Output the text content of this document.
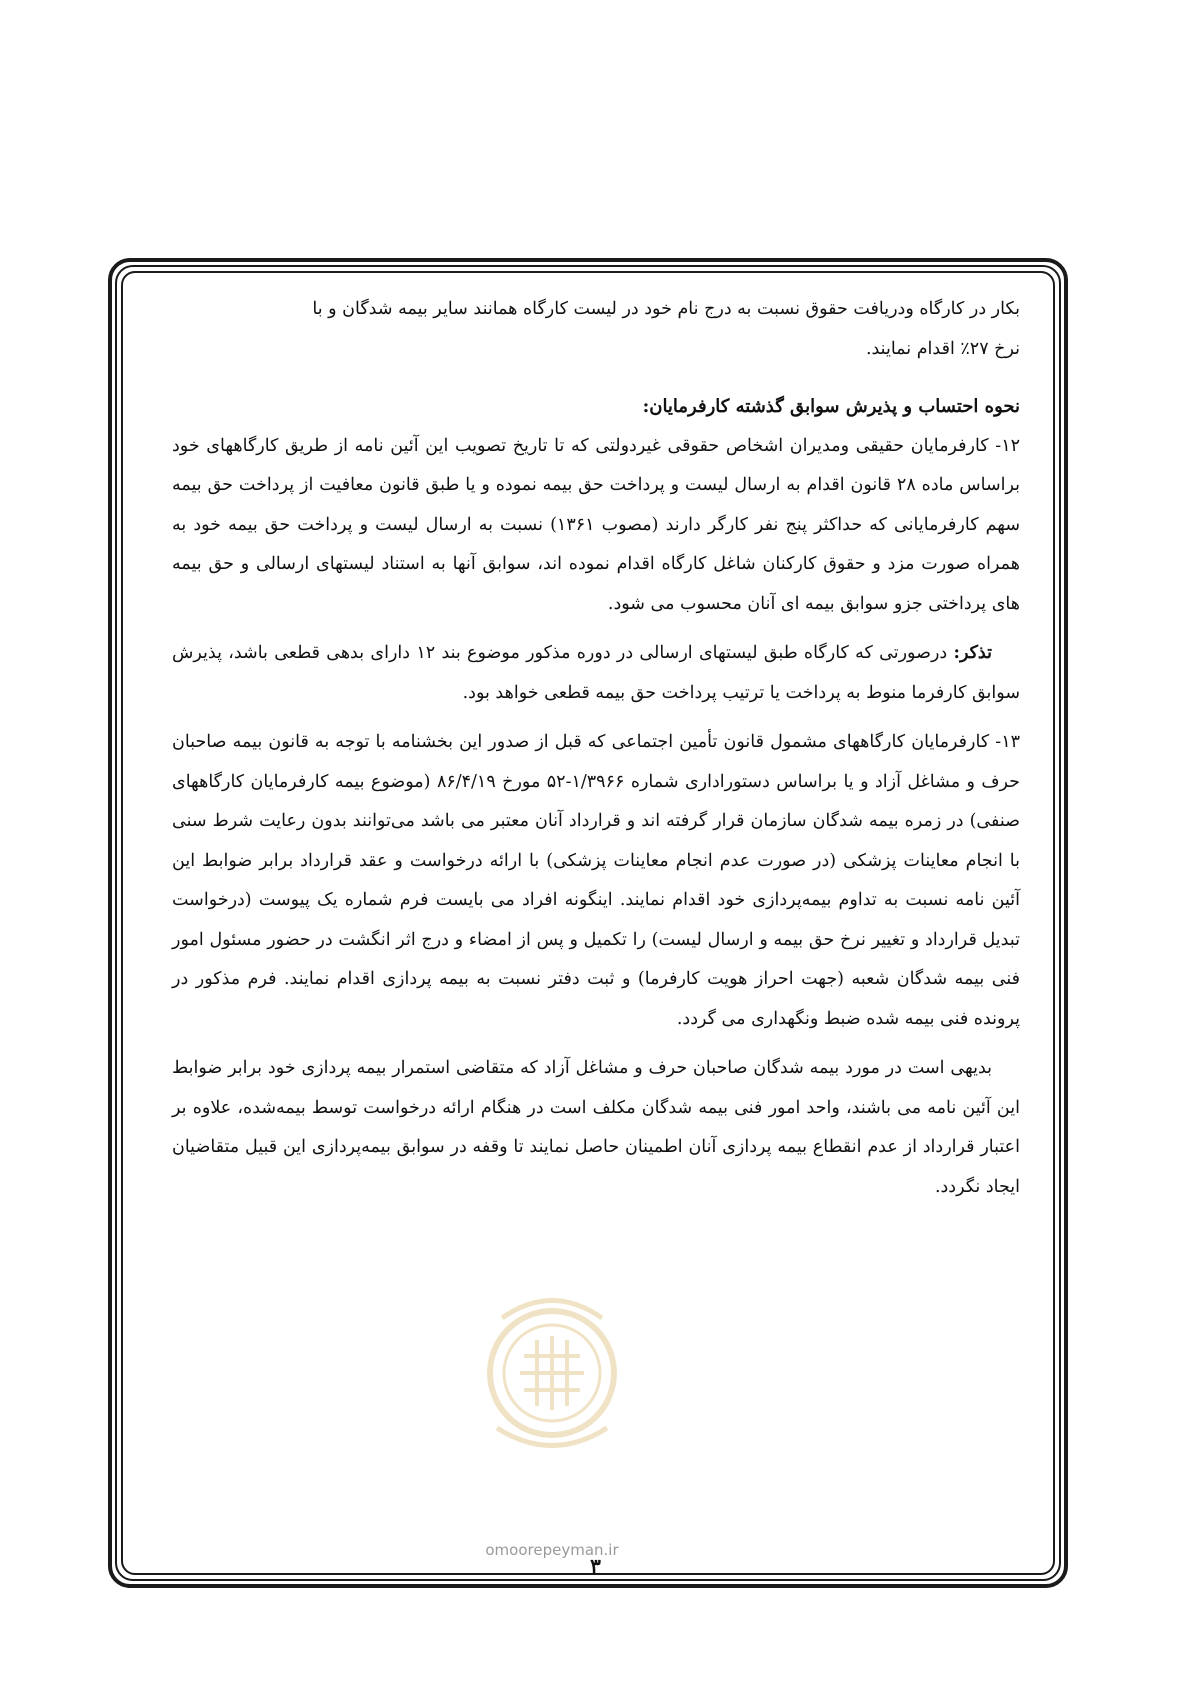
بکار در کارگاه ودریافت حقوق نسبت به درج نام خود در لیست کارگاه همانند سایر بیمه شدگان و با

نرخ ۲۷٪ اقدام نمایند.

نحوه احتساب و پذیرش سوابق گذشته کارفرمایان:

۱۲- کارفرمایان حقیقی ومدیران اشخاص حقوقی غیردولتی که تا تاریخ تصویب این آئین نامه از طریق کارگاههای خود براساس ماده ۲۸ قانون اقدام به ارسال لیست و پرداخت حق بیمه نموده و یا طبق قانون معافیت از پرداخت حق بیمه سهم کارفرمایانی که حداکثر پنج نفر کارگر دارند (مصوب ۱۳۶۱) نسبت به ارسال لیست و پرداخت حق بیمه خود به همراه صورت مزد و حقوق کارکنان شاغل کارگاه اقدام نموده اند، سوابق آنها به استناد لیستهای ارسالی و حق بیمه های پرداختی جزو سوابق بیمه ای آنان محسوب می شود.

تذکر: درصورتی که کارگاه طبق لیستهای ارسالی در دوره مذکور موضوع بند ۱۲ دارای بدهی قطعی باشد، پذیرش سوابق کارفرما منوط به پرداخت یا ترتیب پرداخت حق بیمه قطعی خواهد بود.

۱۳- کارفرمایان کارگاههای مشمول قانون تأمین اجتماعی که قبل از صدور این بخشنامه با توجه به قانون بیمه صاحبان حرف و مشاغل آزاد و یا براساس دستوراداری شماره ۱/۳۹۶۶-۵۲ مورخ ۸۶/۴/۱۹ (موضوع بیمه کارفرمایان کارگاههای صنفی) در زمره بیمه شدگان سازمان قرار گرفته اند و قرارداد آنان معتبر می باشد می‌توانند بدون رعایت شرط سنی با انجام معاینات پزشکی (در صورت عدم انجام معاینات پزشکی) با ارائه درخواست و عقد قرارداد برابر ضوابط این آئین نامه نسبت به تداوم بیمه‌پردازی خود اقدام نمایند. اینگونه افراد می بایست فرم شماره یک پیوست (درخواست تبدیل قرارداد و تغییر نرخ حق بیمه و ارسال لیست) را تکمیل و پس از امضاء و درج اثر انگشت در حضور مسئول امور فنی بیمه شدگان شعبه (جهت احراز هویت کارفرما) و ثبت دفتر نسبت به بیمه پردازی اقدام نمایند. فرم مذکور در پرونده فنی بیمه شده ضبط ونگهداری می گردد.

بدیهی است در مورد بیمه شدگان صاحبان حرف و مشاغل آزاد که متقاضی استمرار بیمه پردازی خود برابر ضوابط این آئین نامه می باشند، واحد امور فنی بیمه شدگان مکلف است در هنگام ارائه درخواست توسط بیمه‌شده، علاوه بر اعتبار قرارداد از عدم انقطاع بیمه پردازی آنان اطمینان حاصل نمایند تا وقفه در سوابق بیمه‌پردازی این قبیل متقاضیان ایجاد نگردد.

omoorepeyman.ir
۳
